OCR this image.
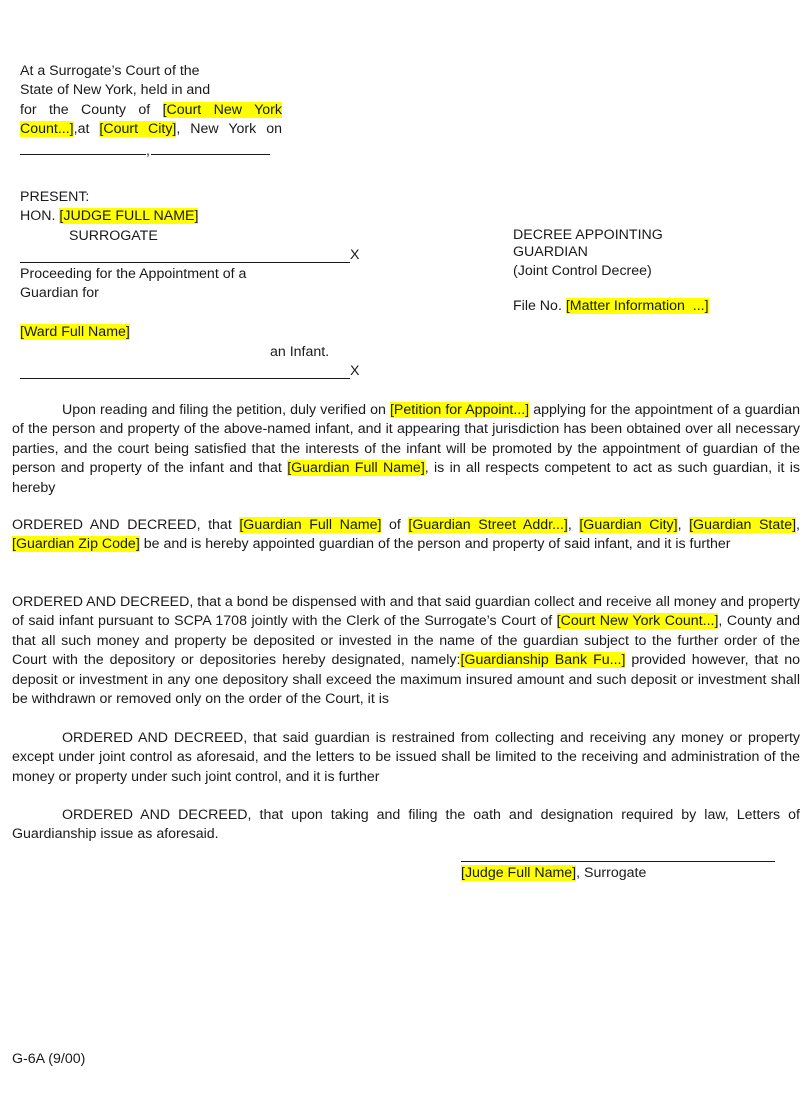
At a Surrogate’s Court of the
State of New York, held in and
for the County of [Court New York Count...],at [Court City], New York on
,
PRESENT:
HON. [JUDGE FULL NAME]
SURROGATE
X
Proceeding for the Appointment of a
Guardian for
[Ward Full Name]
an Infant.
X
DECREE APPOINTING
GUARDIAN
(Joint Control Decree)
File No. [Matter Information  ...]
Upon reading and filing the petition, duly verified on [Petition for Appoint...] applying for the appointment of a guardian of the person and property of the above-named infant, and it appearing that jurisdiction has been obtained over all necessary parties, and the court being satisfied that the interests of the infant will be promoted by the appointment of guardian of the person and property of the infant and that [Guardian Full Name], is in all respects competent to act as such guardian, it is hereby
ORDERED AND DECREED, that [Guardian Full Name] of [Guardian Street Addr...], [Guardian City], [Guardian State], [Guardian Zip Code] be and is hereby appointed guardian of the person and property of said infant, and it is further
ORDERED AND DECREED, that a bond be dispensed with and that said guardian collect and receive all money and property of said infant pursuant to SCPA 1708 jointly with the Clerk of the Surrogate’s Court of [Court New York Count...], County and that all such money and property be deposited or invested in the name of the guardian subject to the further order of the Court with the depository or depositories hereby designated, namely:[Guardianship Bank Fu...] provided however, that no deposit or investment in any one depository shall exceed the maximum insured amount and such deposit or investment shall be withdrawn or removed only on the order of the Court, it is
ORDERED AND DECREED, that said guardian is restrained from collecting and receiving any money or property except under joint control as aforesaid, and the letters to be issued shall be limited to the receiving and administration of the money or property under such joint control, and it is further
ORDERED AND DECREED, that upon taking and filing the oath and designation required by law, Letters of Guardianship issue as aforesaid.
[Judge Full Name], Surrogate
G-6A (9/00)
